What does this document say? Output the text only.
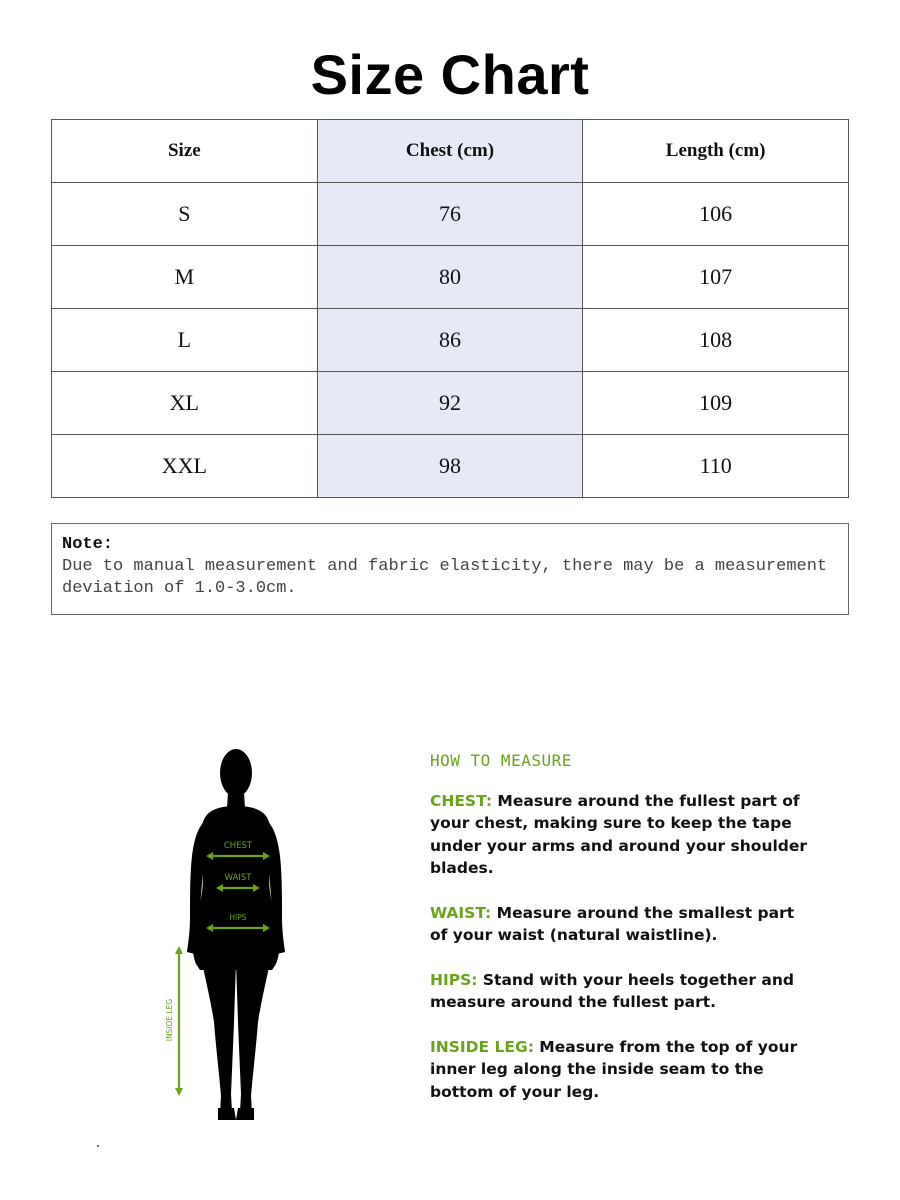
Size Chart
Size	Chest (cm)	Length (cm)
S	76	106
M	80	107
L	86	108
XL	92	109
XXL	98	110
Note:
Due to manual measurement and fabric elasticity, there may be a measurement deviation of 1.0-3.0cm.
CHEST
WAIST
HIPS
INSIDE LEG
HOW TO MEASURE

CHEST: Measure around the fullest part of your chest, making sure to keep the tape under your arms and around your shoulder blades.

WAIST: Measure around the smallest part of your waist (natural waistline).

HIPS: Stand with your heels together and measure around the fullest part.

INSIDE LEG: Measure from the top of your inner leg along the inside seam to the bottom of your leg.
